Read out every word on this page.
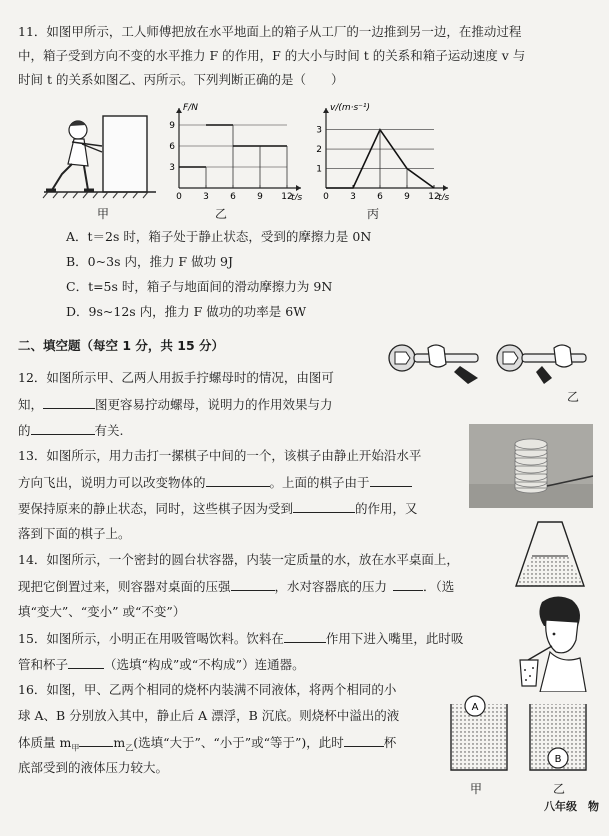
11．如图甲所示，工人师傅把放在水平地面上的箱子从工厂的一边推到另一边，在推动过程
中，箱子受到方向不变的水平推力 F 的作用，F 的大小与时间 t 的关系和箱子运动速度 v 与
时间 t 的关系如图乙、丙所示。下列判断正确的是（　　）
甲
F/N
t/s
0 3 6 9 12
3
6
9
乙
v/(m·s⁻¹)
t/s
0 3 6 9 12
1
2
3
丙
A．t＝2s 时，箱子处于静止状态，受到的摩擦力是 0N
B．0~3s 内，推力 F 做功 9J
C．t=5s 时，箱子与地面间的滑动摩擦力为 9N
D．9s~12s 内，推力 F 做功的功率是 6W
二、填空题（每空 1 分，共 15 分）
乙
12．如图所示甲、乙两人用扳手拧螺母时的情况，由图可
知，	图更容易拧动螺母，说明力的作用效果与力
的	有关.
13．如图所示，用力击打一摞棋子中间的一个，该棋子由静止开始沿水平
方向飞出，说明力可以改变物体的	。上面的棋子由于
要保持原来的静止状态，同时，这些棋子因为受到	的作用，又
落到下面的棋子上。
14．如图所示，一个密封的圆台状容器，内装一定质量的水，放在水平桌面上，
现把它倒置过来，则容器对桌面的压强	，水对容器底的压力	．（选
填“变大”、“变小” 或“不变”）
15．如图所示，小明正在用吸管喝饮料。饮料在	作用下进入嘴里，此时吸
管和杯子	（选填“构成”或“不构成”）连通器。
16．如图，甲、乙两个相同的烧杯内装满不同液体，将两个相同的小
球 A、B 分别放入其中，静止后 A 漂浮，B 沉底。则烧杯中溢出的液
体质量 $m_甲$	$m_乙$(选填“大于”、“小于”或“等于”)，此时	杯
底部受到的液体压力较大。
A
B
甲	乙
八年级　物
